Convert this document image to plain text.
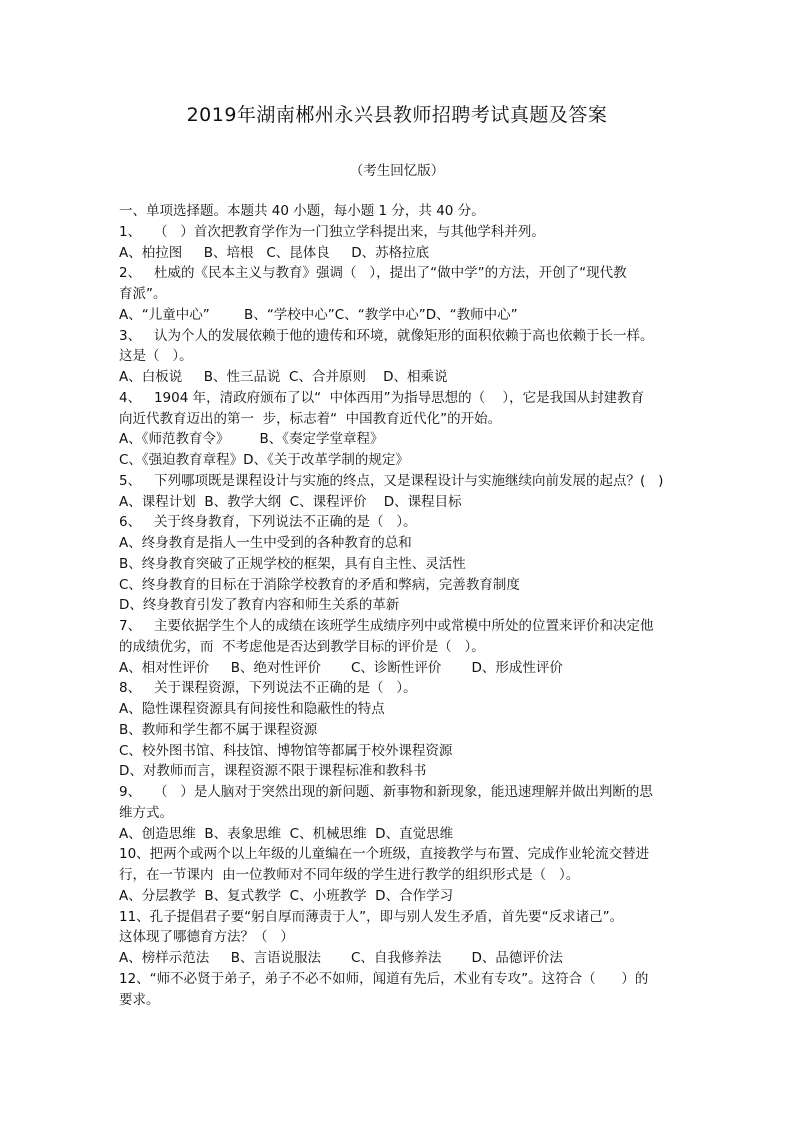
2019年湖南郴州永兴县教师招聘考试真题及答案
（考生回忆版）
一、单项选择题。本题共 40 小题，每小题 1 分，共 40 分。
1、   （   ）首次把教育学作为一门独立学科提出来，与其他学科并列。
A、柏拉图     B、培根   C、昆体良     D、苏格拉底
2、   杜威的《民本主义与教育》强调（   ），提出了“做中学”的方法，开创了“现代教
育派”。
A、“儿童中心”        B、“学校中心”C、“教学中心”D、“教师中心”
3、   认为个人的发展依赖于他的遗传和环境，就像矩形的面积依赖于高也依赖于长一样。
这是（   ）。
A、白板说     B、性三品说  C、合并原则    D、相乘说
4、   1904 年，清政府颁布了以“  中体西用”为指导思想的（    ），它是我国从封建教育
向近代教育迈出的第一  步，标志着“  中国教育近代化”的开始。
A、《师范教育令》       B、《奏定学堂章程》
C、《强迫教育章程》D、《关于改革学制的规定》
5、   下列哪项既是课程设计与实施的终点，又是课程设计与实施继续向前发展的起点？(   )
A、课程计划  B、教学大纲  C、课程评价    D、课程目标
6、   关于终身教育，下列说法不正确的是（   ）。
A、终身教育是指人一生中受到的各种教育的总和
B、终身教育突破了正规学校的框架，具有自主性、灵活性
C、终身教育的目标在于消除学校教育的矛盾和弊病，完善教育制度
D、终身教育引发了教育内容和师生关系的革新
7、   主要依据学生个人的成绩在该班学生成绩序列中或常模中所处的位置来评价和决定他
的成绩优劣，而  不考虑他是否达到教学目标的评价是（   ）。
A、相对性评价     B、绝对性评价       C、诊断性评价       D、形成性评价
8、   关于课程资源，下列说法不正确的是（   ）。
A、隐性课程资源具有间接性和隐蔽性的特点
B、教师和学生都不属于课程资源
C、校外图书馆、科技馆、博物馆等都属于校外课程资源
D、对教师而言，课程资源不限于课程标准和教科书
9、   （   ）是人脑对于突然出现的新问题、新事物和新现象，能迅速理解并做出判断的思
维方式。
A、创造思维  B、表象思维  C、机械思维  D、直觉思维
10、把两个或两个以上年级的儿童编在一个班级，直接教学与布置、完成作业轮流交替进
行，在一节课内  由一位教师对不同年级的学生进行教学的组织形式是（   ）。
A、分层教学  B、复式教学  C、小班教学  D、合作学习
11、孔子提倡君子要“躬自厚而薄责于人”，即与别人发生矛盾，首先要“反求诸己”。
这体现了哪德育方法？（   ）
A、榜样示范法     B、言语说服法       C、自我修养法       D、品德评价法
12、“师不必贤于弟子，弟子不必不如师，闻道有先后，术业有专攻”。这符合（      ）的
要求。
